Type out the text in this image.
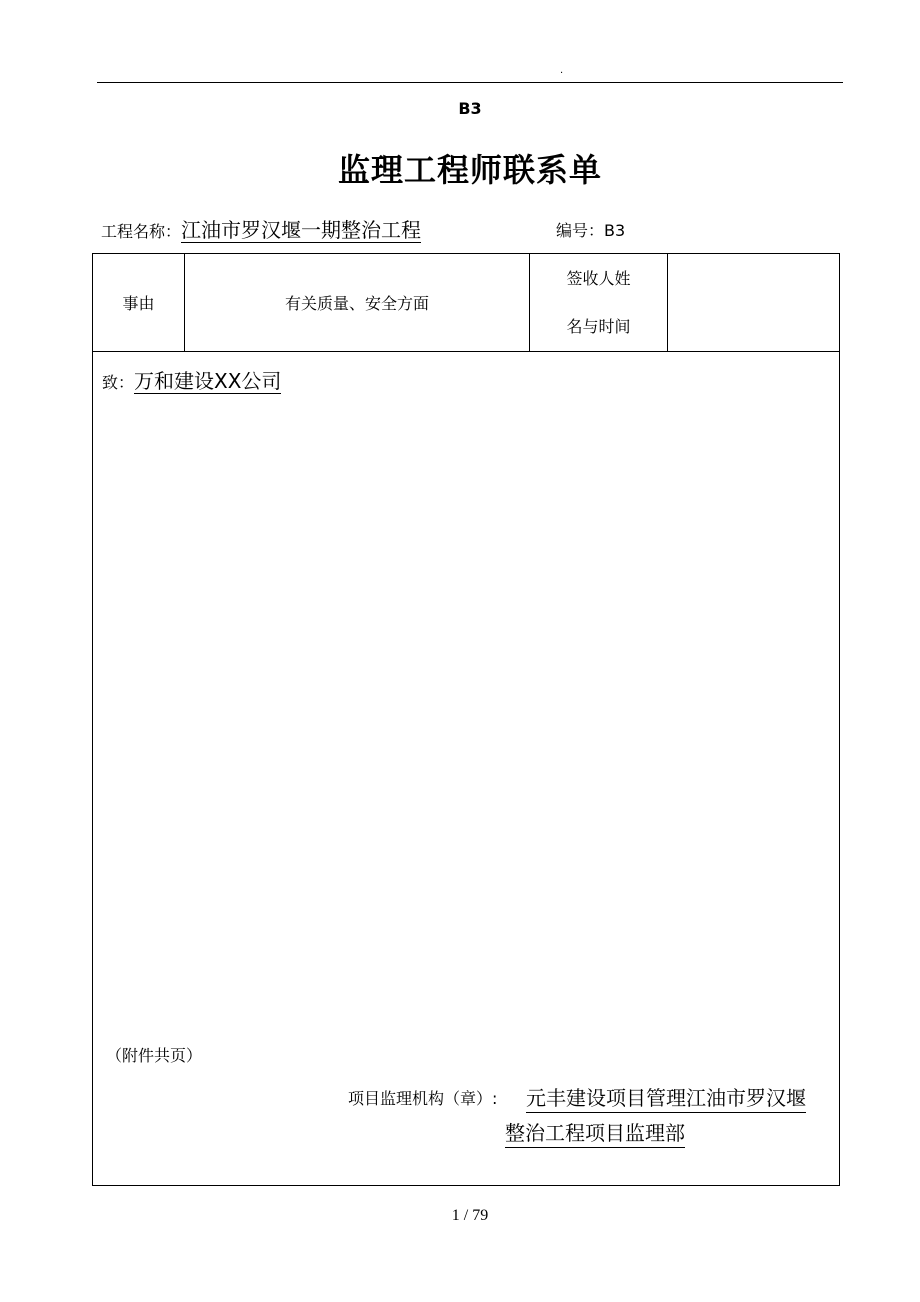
.
B3
监理工程师联系单
工程名称：江油市罗汉堰一期整治工程	编号：B3
事由	有关质量、安全方面
签收人姓
名与时间
致：万和建设XX公司
（附件共页）
项目监理机构（章）: 元丰建设项目管理江油市罗汉堰
整治工程项目监理部
1 / 79
